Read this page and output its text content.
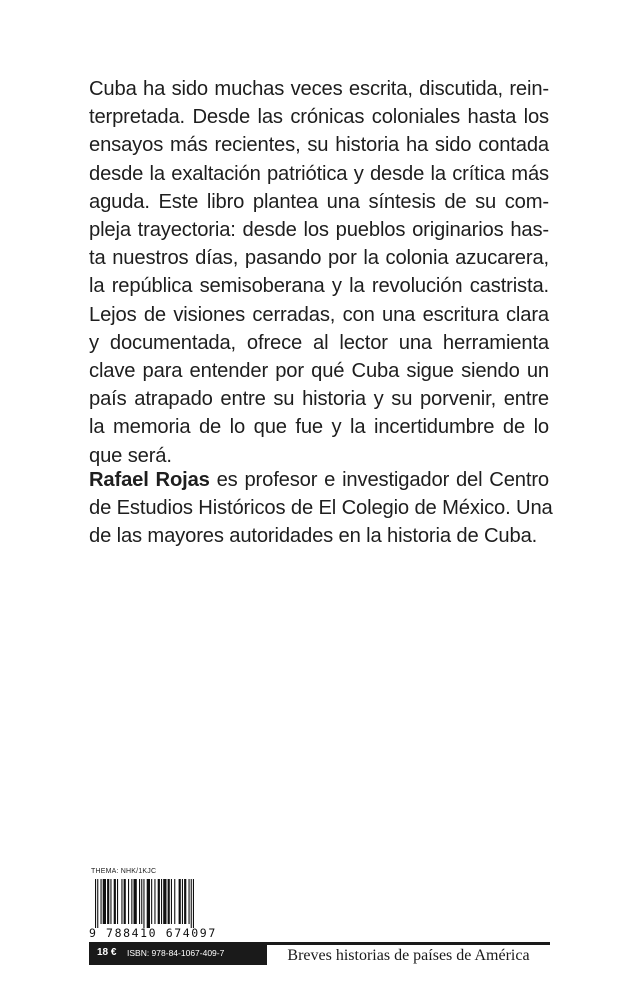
Cuba ha sido muchas veces escrita, discutida, rein-
terpretada. Desde las crónicas coloniales hasta los
ensayos más recientes, su historia ha sido contada
desde la exaltación patriótica y desde la crítica más
aguda. Este libro plantea una síntesis de su com-
pleja trayectoria: desde los pueblos originarios has-
ta nuestros días, pasando por la colonia azucarera,
la república semisoberana y la revolución castrista.
Lejos de visiones cerradas, con una escritura clara
y documentada, ofrece al lector una herramienta
clave para entender por qué Cuba sigue siendo un
país atrapado entre su historia y su porvenir, entre
la memoria de lo que fue y la incertidumbre de lo
que será.
Rafael Rojas es profesor e investigador del Centro
de Estudios Históricos de El Colegio de México. Una
de las mayores autoridades en la historia de Cuba.
THEMA: NHK/1KJC
9 788410 674097
18 € ISBN: 978-84-1067-409-7	Breves historias de países de América
